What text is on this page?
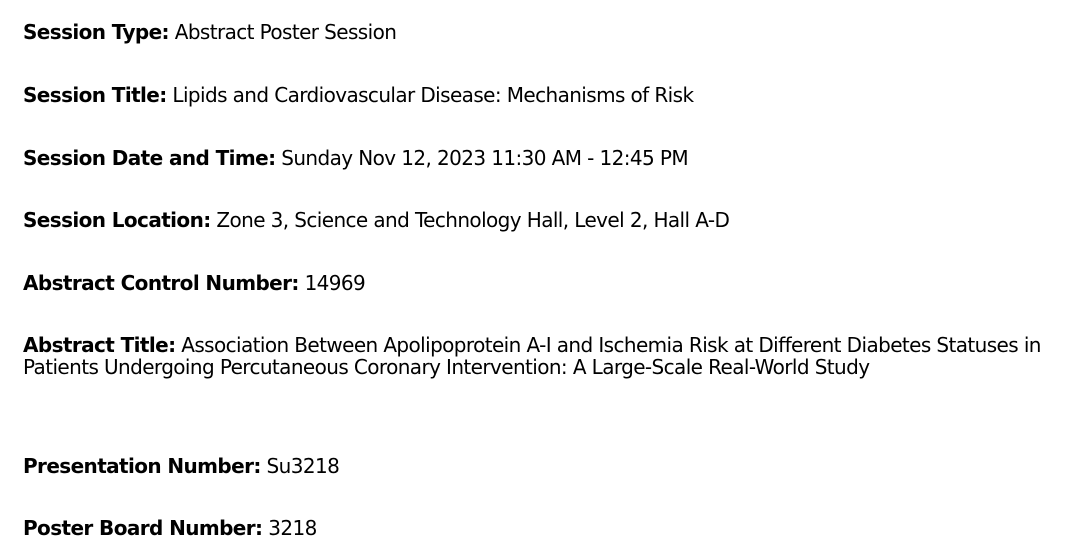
Session Type: Abstract Poster Session

Session Title: Lipids and Cardiovascular Disease: Mechanisms of Risk

Session Date and Time: Sunday Nov 12, 2023 11:30 AM - 12:45 PM

Session Location: Zone 3, Science and Technology Hall, Level 2, Hall A-D

Abstract Control Number: 14969

Abstract Title: Association Between Apolipoprotein A-I and Ischemia Risk at Different Diabetes Statuses in Patients Undergoing Percutaneous Coronary Intervention: A Large-Scale Real-World Study

Presentation Number: Su3218

Poster Board Number: 3218
